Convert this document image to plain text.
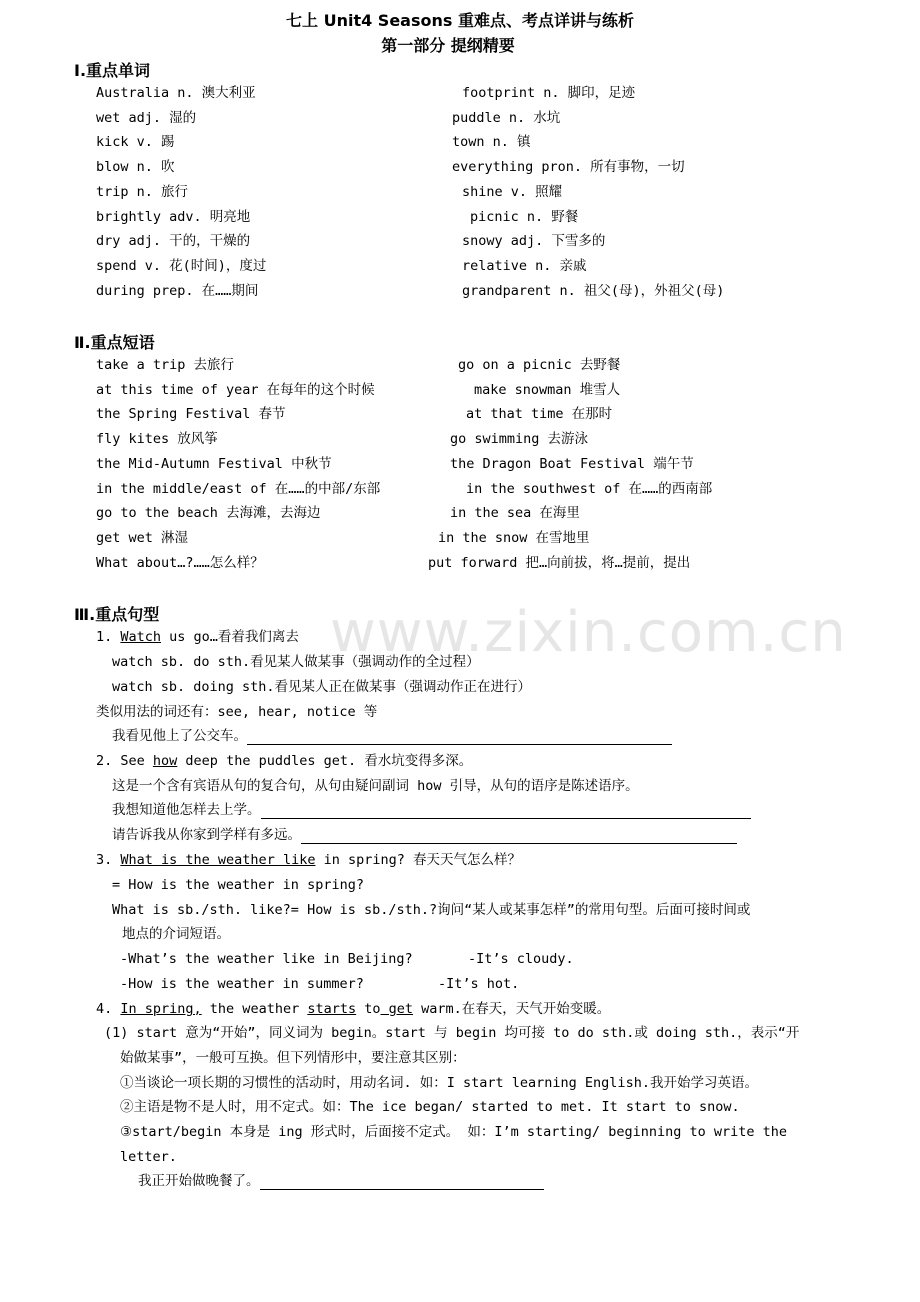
www.zixin.com.cn
七上 Unit4 Seasons 重难点、考点详讲与练析
第一部分 提纲精要
Ⅰ.重点单词
Australia n. 澳大利亚
wet adj. 湿的
kick v. 踢
blow n. 吹
trip n. 旅行
brightly adv. 明亮地
dry adj. 干的，干燥的
spend v. 花(时间)，度过
during prep. 在……期间
footprint n. 脚印，足迹
puddle n. 水坑
town n. 镇
everything pron. 所有事物，一切
shine v. 照耀
picnic n. 野餐
snowy adj. 下雪多的
relative n. 亲戚
grandparent n. 祖父(母)，外祖父(母)
Ⅱ.重点短语
take a trip 去旅行
at this time of year 在每年的这个时候
the Spring Festival 春节
fly kites 放风筝
the Mid-Autumn Festival 中秋节
in the middle/east of 在……的中部/东部
go to the beach 去海滩，去海边
get wet 淋湿
What about…?……怎么样？
go on a picnic 去野餐
make snowman 堆雪人
at that time 在那时
go swimming 去游泳
the Dragon Boat Festival 端午节
in the southwest of 在……的西南部
in the sea 在海里
in the snow 在雪地里
put forward 把…向前拔，将…提前，提出
Ⅲ.重点句型
1. Watch us go…看着我们离去
watch sb. do sth.看见某人做某事（强调动作的全过程）
watch sb. doing sth.看见某人正在做某事（强调动作正在进行）
类似用法的词还有：see, hear, notice 等
我看见他上了公交车。
2. See how deep the puddles get. 看水坑变得多深。
这是一个含有宾语从句的复合句，从句由疑问副词 how 引导，从句的语序是陈述语序。
我想知道他怎样去上学。
请告诉我从你家到学样有多远。
3. What is the weather like in spring? 春天天气怎么样？
= How is the weather in spring?
What is sb./sth. like?= How is sb./sth.?询问“某人或某事怎样”的常用句型。后面可接时间或
地点的介词短语。
-What’s the weather like in Beijing?	-It’s cloudy.
-How is the weather in summer?	-It’s hot.
4. In spring, the weather starts to get warm.在春天，天气开始变暖。
(1) start 意为“开始”，同义词为 begin。start 与 begin 均可接 to do sth.或 doing sth.，表示“开
始做某事”，一般可互换。但下列情形中，要注意其区别：
①当谈论一项长期的习惯性的活动时，用动名词. 如：I start learning English.我开始学习英语。
②主语是物不是人时，用不定式。如：The ice began/ started to met. It start to snow.
③start/begin 本身是 ing 形式时，后面接不定式。 如：I’m starting/ beginning to write the
letter.
我正开始做晚餐了。
